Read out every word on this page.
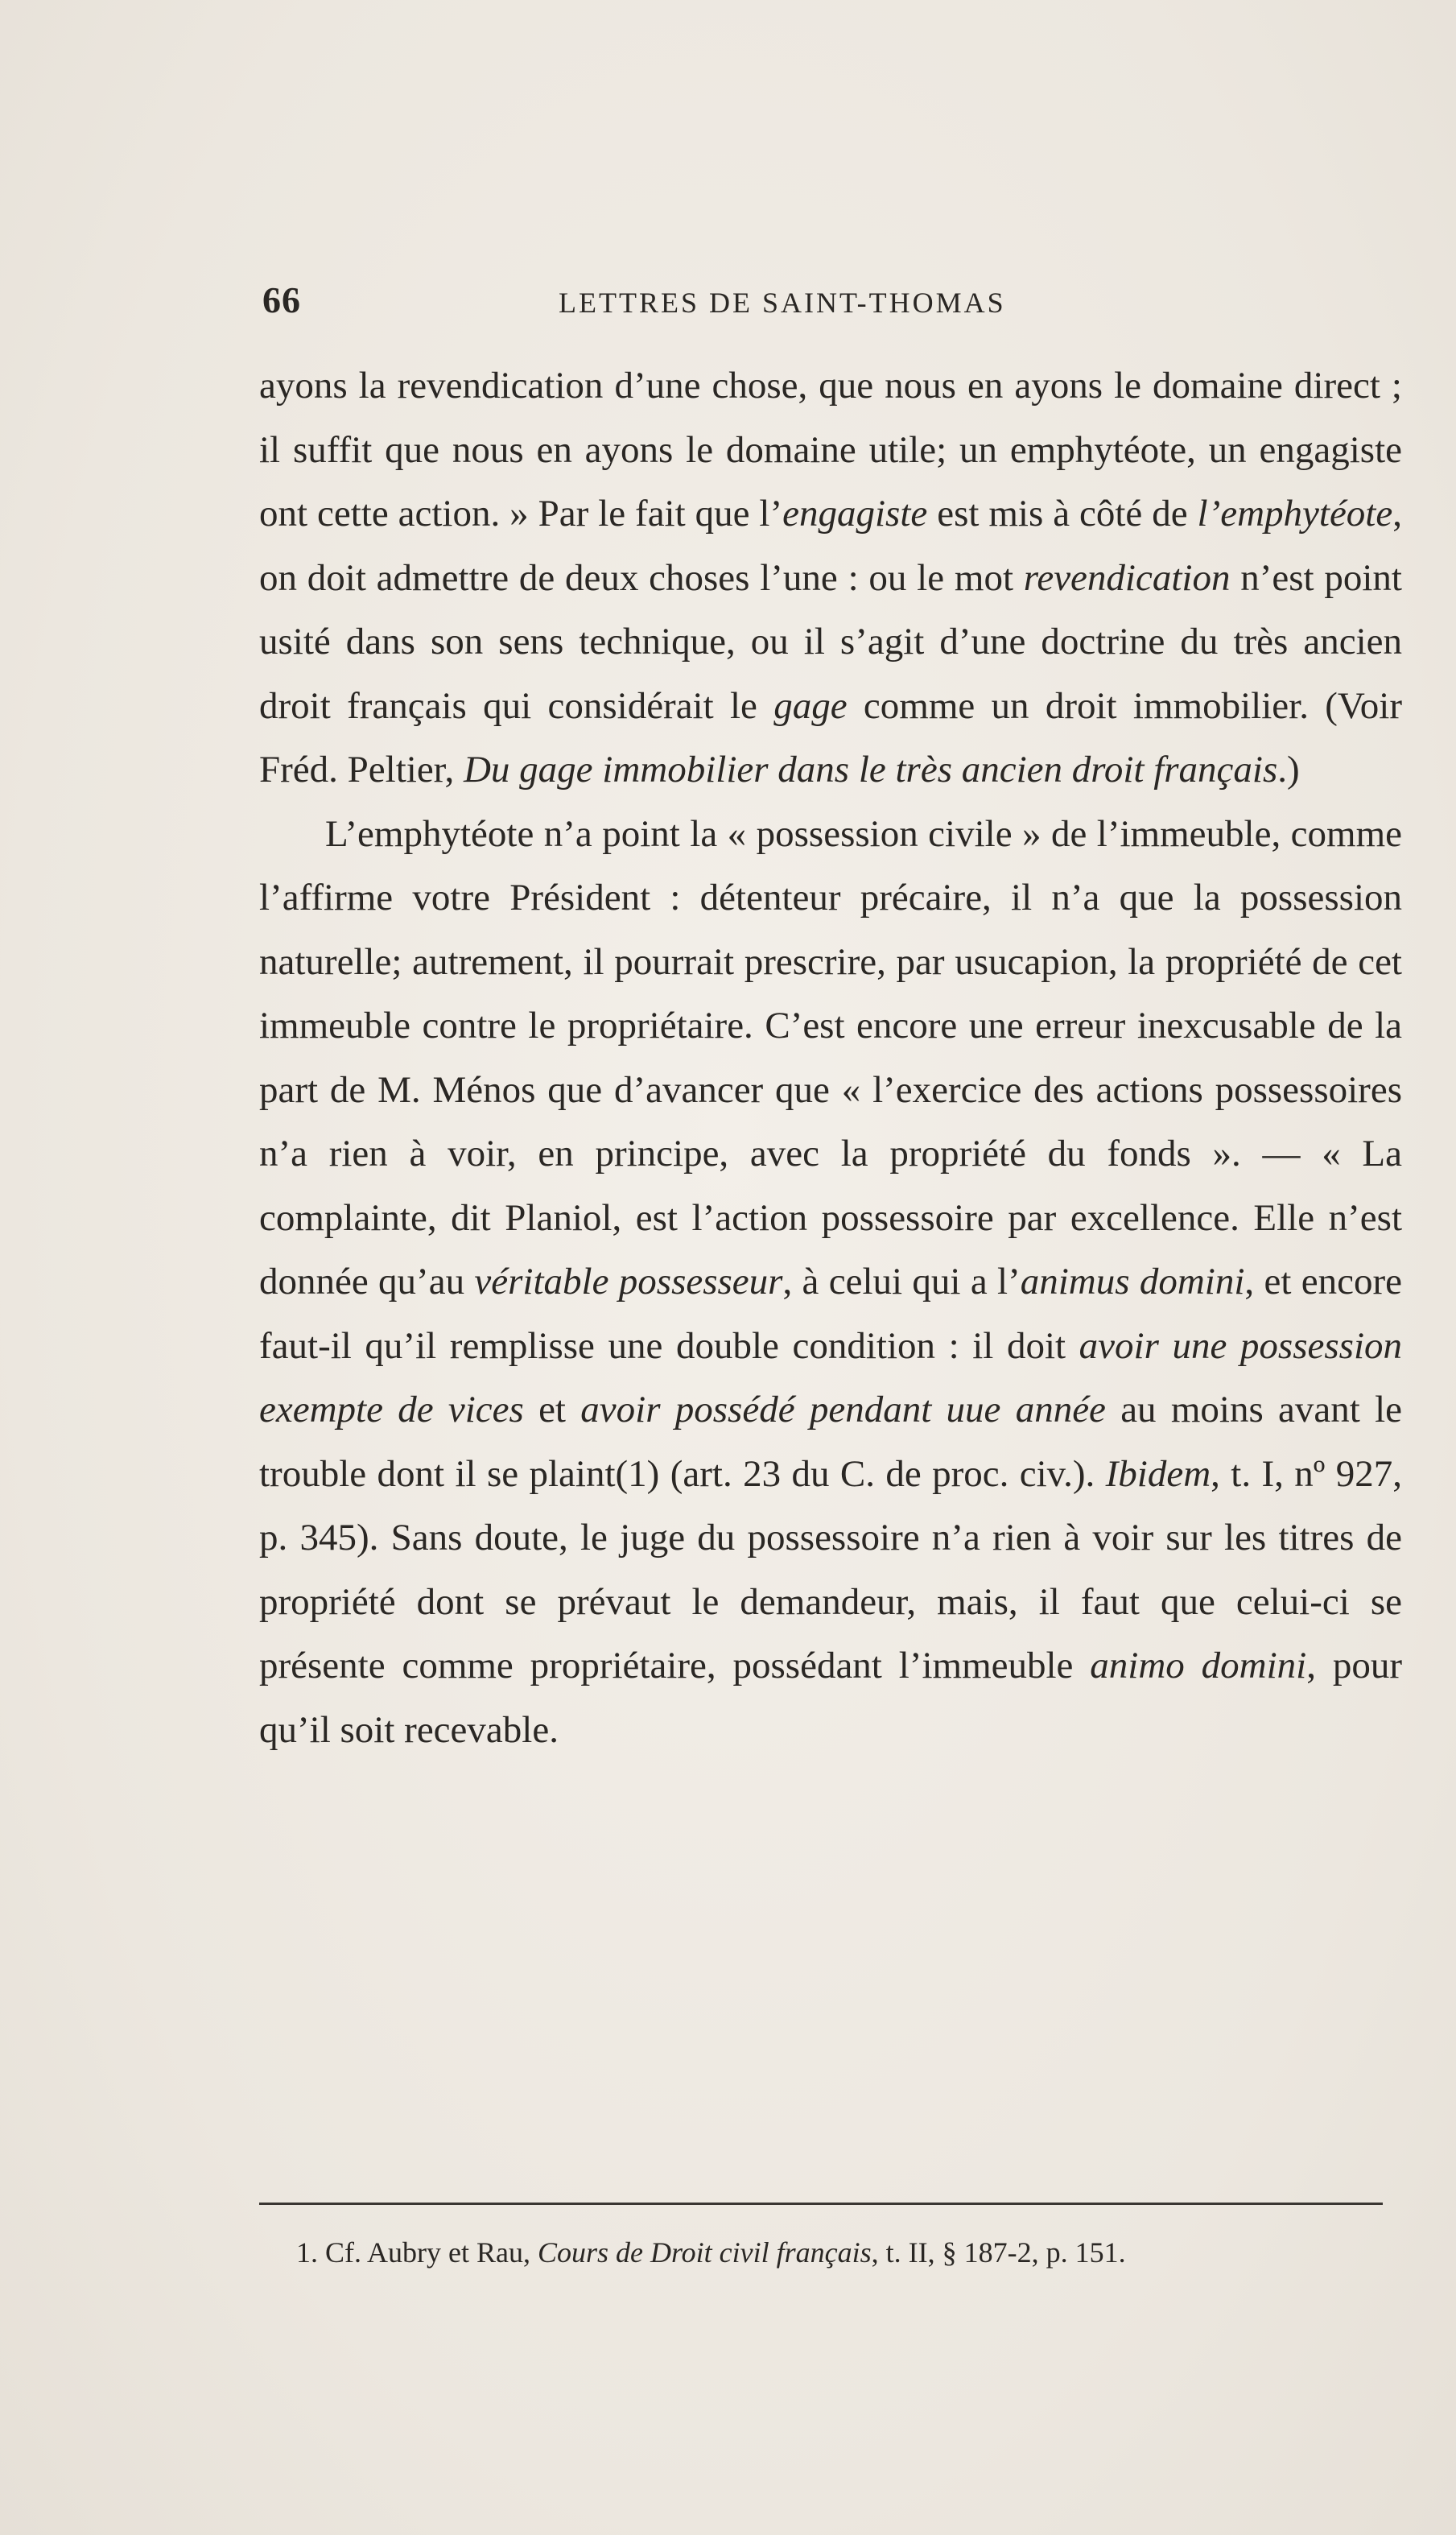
66	LETTRES DE SAINT-THOMAS

ayons la revendication d’une chose, que nous en ayons le domaine direct ; il suffit que nous en ayons le domaine utile; un emphytéote, un engagiste ont cette action. » Par le fait que l’engagiste est mis à côté de l’emphytéote, on doit admettre de deux choses l’une : ou le mot revendication n’est point usité dans son sens technique, ou il s’agit d’une doctrine du très ancien droit français qui considérait le gage comme un droit immobilier. (Voir Fréd. Peltier, Du gage immobilier dans le très ancien droit français.)

L’emphytéote n’a point la « possession civile » de l’immeuble, comme l’affirme votre Président : détenteur précaire, il n’a que la possession naturelle; autrement, il pourrait prescrire, par usucapion, la propriété de cet immeuble contre le propriétaire. C’est encore une erreur inexcusable de la part de M. Ménos que d’avancer que « l’exercice des actions possessoires n’a rien à voir, en principe, avec la propriété du fonds ». — « La complainte, dit Planiol, est l’action possessoire par excellence. Elle n’est donnée qu’au véritable possesseur, à celui qui a l’animus domini, et encore faut-il qu’il remplisse une double condition : il doit avoir une possession exempte de vices et avoir possédé pendant uue année au moins avant le trouble dont il se plaint(1) (art. 23 du C. de proc. civ.). Ibidem, t. I, nº 927, p. 345). Sans doute, le juge du possessoire n’a rien à voir sur les titres de propriété dont se prévaut le demandeur, mais, il faut que celui-ci se présente comme propriétaire, possédant l’immeuble animo domini, pour qu’il soit recevable.

1. Cf. Aubry et Rau, Cours de Droit civil français, t. II, § 187-2, p. 151.
